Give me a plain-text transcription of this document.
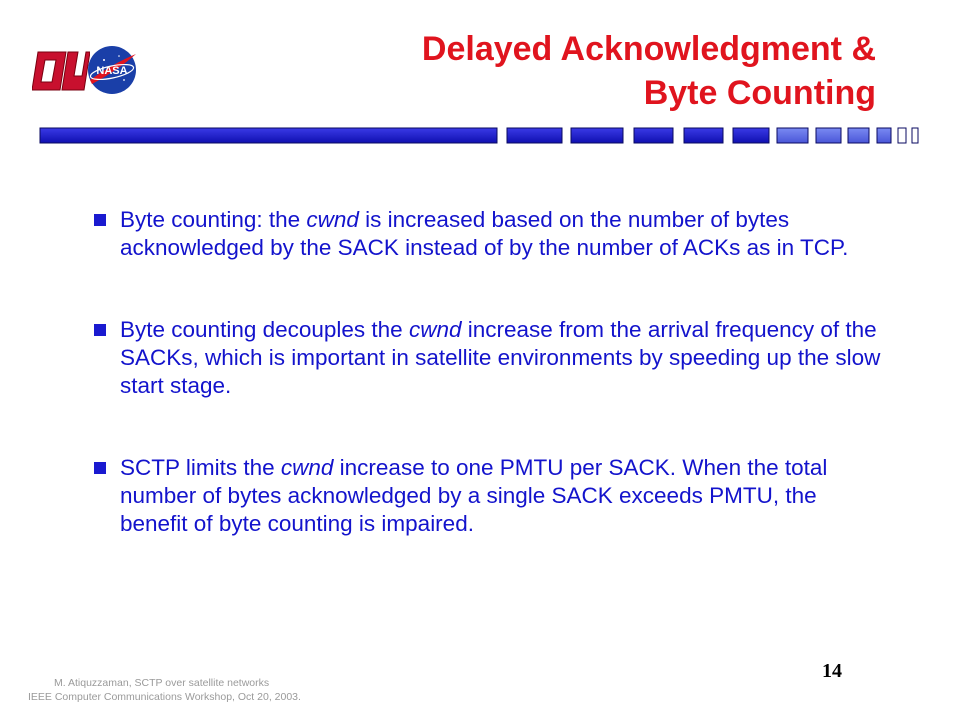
NASA
Delayed Acknowledgment &
Byte Counting
Byte counting: the cwnd is increased based on the number of bytes acknowledged by the SACK instead of by the number of ACKs as in TCP.
Byte counting decouples the cwnd increase from the arrival frequency of the SACKs, which is important in satellite environments by speeding up the slow start stage.
SCTP limits the cwnd increase to one PMTU per SACK. When the total number of bytes acknowledged by a single SACK exceeds PMTU, the benefit of byte counting is impaired.
M. Atiquzzaman, SCTP over satellite networks
IEEE Computer Communications Workshop, Oct 20, 2003.
14
